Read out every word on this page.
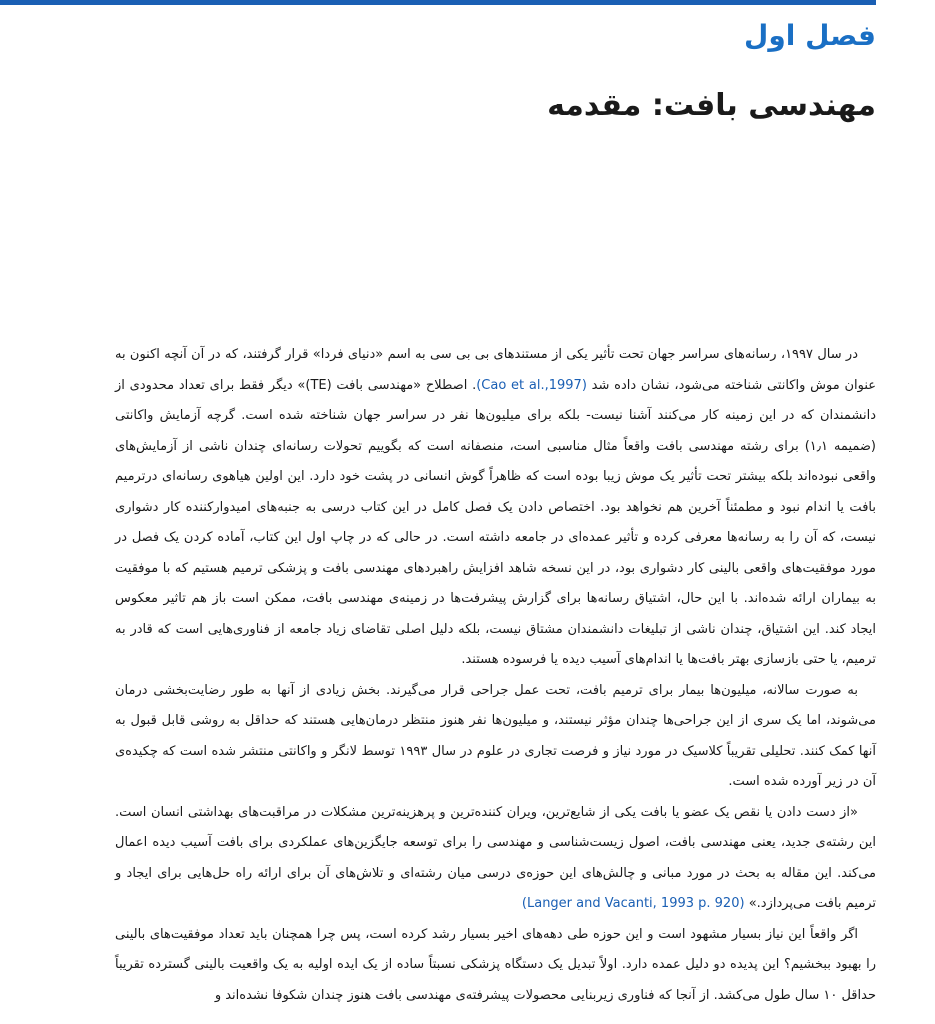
فصل اول
مهندسی بافت: مقدمه

در سال ۱۹۹۷، رسانه‌های سراسر جهان تحت تأثیر یکی از مستندهای بی بی سی به اسم «دنیای فردا» قرار گرفتند، که در آن آنچه اکنون به عنوان موش واکانتی شناخته می‌شود، نشان داده شد (Cao et al.,1997). اصطلاح «مهندسی بافت (TE)» دیگر فقط برای تعداد محدودی از دانشمندان که در این زمینه کار می‌کنند آشنا نیست- بلکه برای میلیون‌ها نفر در سراسر جهان شناخته شده است. گرچه آزمایش واکانتی (ضمیمه ۱٫۱) برای رشته مهندسی بافت واقعاً مثال مناسبی است، منصفانه است که بگوییم تحولات رسانه‌ای چندان ناشی از آزمایش‌های واقعی نبوده‌اند بلکه بیشتر تحت تأثیر یک موش زیبا بوده است که ظاهراً گوش انسانی در پشت خود دارد. این اولین هیاهوی رسانه‌ای درترمیم بافت یا اندام نبود و مطمئناً آخرین هم نخواهد بود. اختصاص دادن یک فصل کامل در این کتاب درسی به جنبه‌های امیدوارکننده کار دشواری نیست، که آن را به رسانه‌ها معرفی کرده و تأثیر عمده‌ای در جامعه داشته است. در حالی که در چاپ اول این کتاب، آماده کردن یک فصل در مورد موفقیت‌های واقعی بالینی کار دشواری بود، در این نسخه شاهد افزایش راهبردهای مهندسی بافت و پزشکی ترمیم هستیم که با موفقیت به بیماران ارائه شده‌اند. با این حال، اشتیاق رسانه‌ها برای گزارش پیشرفت‌ها در زمینه‌ی مهندسی بافت، ممکن است باز هم تاثیر معکوس ایجاد کند. این اشتیاق، چندان ناشی از تبلیغات دانشمندان مشتاق نیست، بلکه دلیل اصلی تقاضای زیاد جامعه از فناوری‌هایی است که قادر به ترمیم، یا حتی بازسازی بهتر بافت‌ها یا اندام‌های آسیب دیده یا فرسوده هستند.

به صورت سالانه، میلیون‌ها بیمار برای ترمیم بافت، تحت عمل جراحی قرار می‌گیرند. بخش زیادی از آنها به طور رضایت‌بخشی درمان می‌شوند، اما یک سری از این جراحی‌ها چندان مؤثر نیستند، و میلیون‌ها نفر هنوز منتظر درمان‌هایی هستند که حداقل به روشی قابل قبول به آنها کمک کنند. تحلیلی تقریباً کلاسیک در مورد نیاز و فرصت تجاری در علوم در سال ۱۹۹۳ توسط لانگر و واکانتی منتشر شده است که چکیده‌ی آن در زیر آورده شده است.

«از دست دادن یا نقص یک عضو یا بافت یکی از شایع‌ترین، ویران کننده‌ترین و پرهزینه‌ترین مشکلات در مراقبت‌های بهداشتی انسان است. این رشته‌ی جدید، یعنی مهندسی بافت، اصول زیست‌شناسی و مهندسی را برای توسعه جایگزین‌های عملکردی برای بافت آسیب دیده اعمال می‌کند. این مقاله به بحث در مورد مبانی و چالش‌های این حوزه‌ی درسی میان رشته‌ای و تلاش‌های آن برای ارائه راه حل‌هایی برای ایجاد و ترمیم بافت می‌پردازد.» (Langer and Vacanti, 1993 p. 920)

اگر واقعاً این نیاز بسیار مشهود است و این حوزه طی دهه‌های اخیر بسیار رشد کرده است، پس چرا همچنان باید تعداد موفقیت‌های بالینی را بهبود ببخشیم؟ این پدیده دو دلیل عمده دارد. اولاً تبدیل یک دستگاه پزشکی نسبتاً ساده از یک ایده اولیه به یک واقعیت بالینی گسترده تقریباً حداقل ۱۰ سال طول می‌کشد. از آنجا که فناوری زیربنایی محصولات پیشرفته‌ی مهندسی بافت هنوز چندان شکوفا نشده‌اند و
